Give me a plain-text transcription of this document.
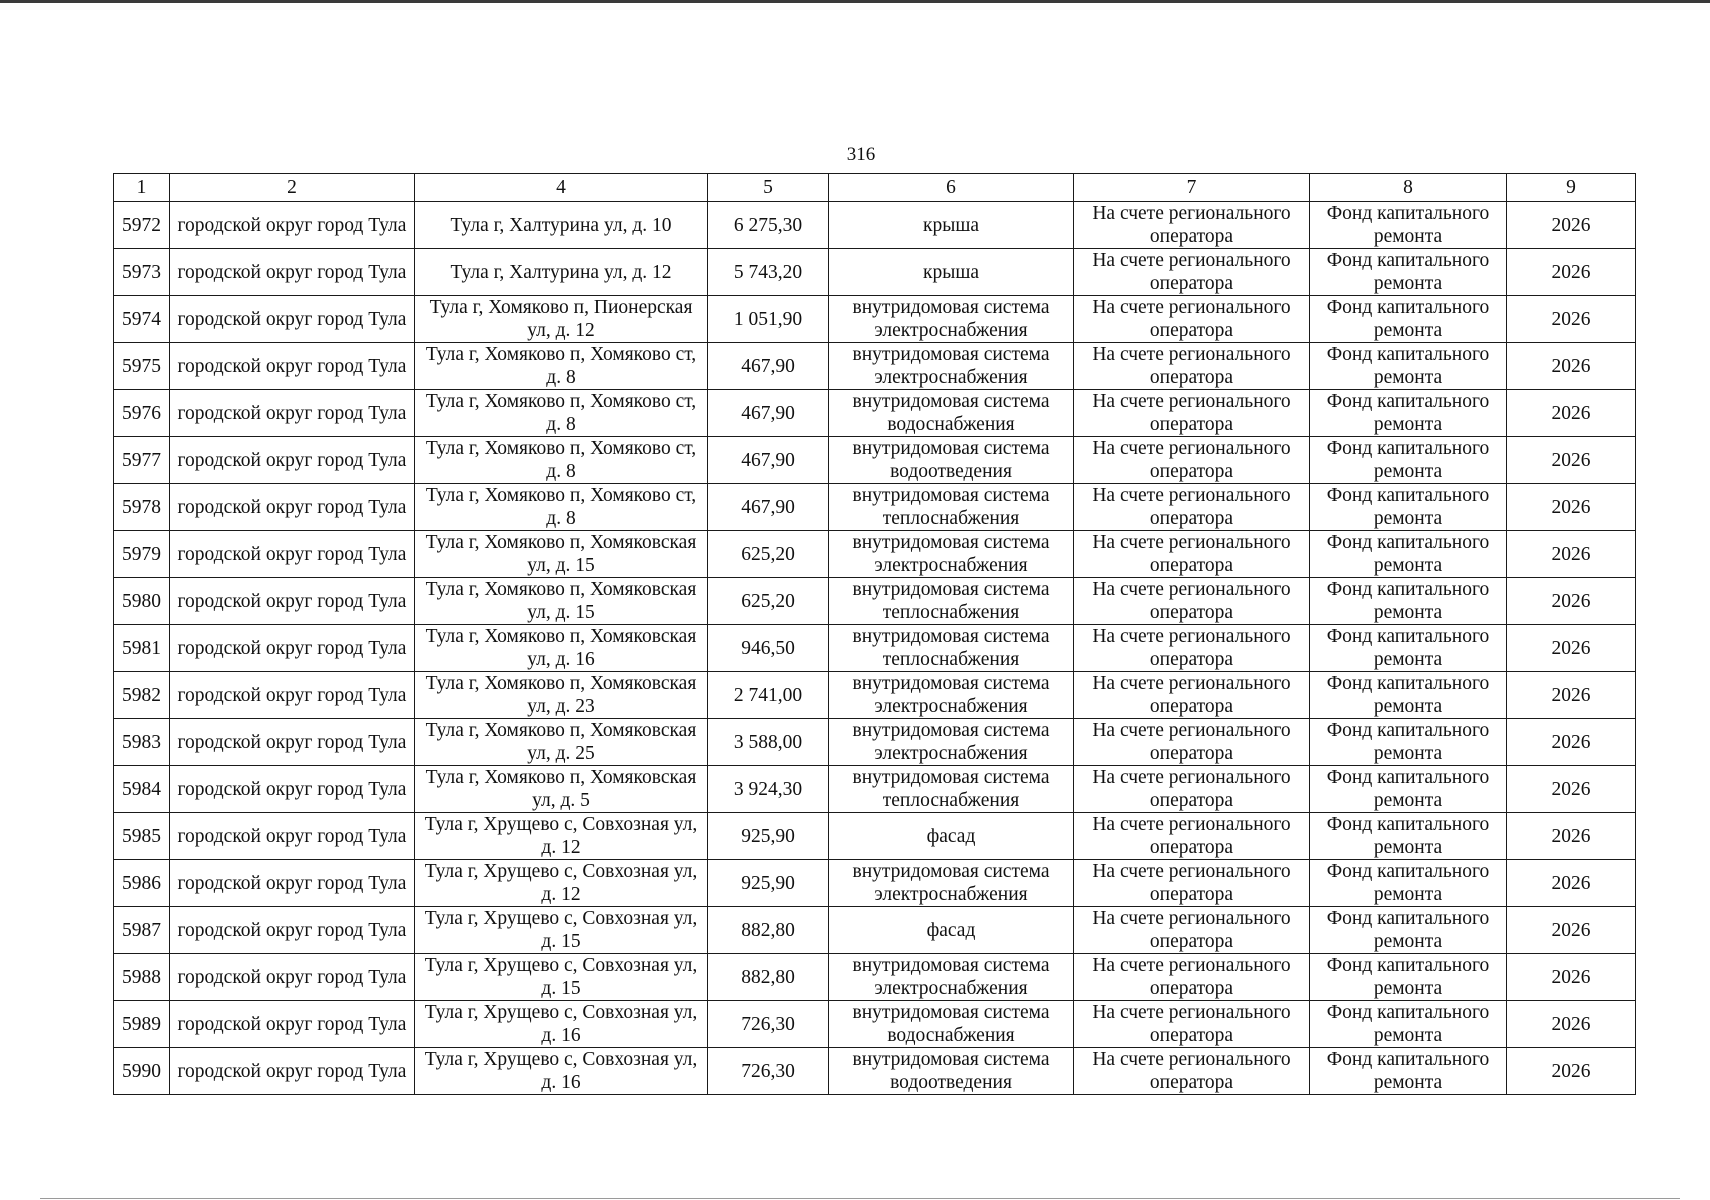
316
1	2	4	5	6	7	8	9
5972	городской округ город Тула	Тула г, Халтурина ул, д. 10	6 275,30	крыша	На счете регионального оператора	Фонд капитального ремонта	2026
5973	городской округ город Тула	Тула г, Халтурина ул, д. 12	5 743,20	крыша	На счете регионального оператора	Фонд капитального ремонта	2026
5974	городской округ город Тула	Тула г, Хомяково п, Пионерская ул, д. 12	1 051,90	внутридомовая система электроснабжения	На счете регионального оператора	Фонд капитального ремонта	2026
5975	городской округ город Тула	Тула г, Хомяково п, Хомяково ст, д. 8	467,90	внутридомовая система электроснабжения	На счете регионального оператора	Фонд капитального ремонта	2026
5976	городской округ город Тула	Тула г, Хомяково п, Хомяково ст, д. 8	467,90	внутридомовая система водоснабжения	На счете регионального оператора	Фонд капитального ремонта	2026
5977	городской округ город Тула	Тула г, Хомяково п, Хомяково ст, д. 8	467,90	внутридомовая система водоотведения	На счете регионального оператора	Фонд капитального ремонта	2026
5978	городской округ город Тула	Тула г, Хомяково п, Хомяково ст, д. 8	467,90	внутридомовая система теплоснабжения	На счете регионального оператора	Фонд капитального ремонта	2026
5979	городской округ город Тула	Тула г, Хомяково п, Хомяковская ул, д. 15	625,20	внутридомовая система электроснабжения	На счете регионального оператора	Фонд капитального ремонта	2026
5980	городской округ город Тула	Тула г, Хомяково п, Хомяковская ул, д. 15	625,20	внутридомовая система теплоснабжения	На счете регионального оператора	Фонд капитального ремонта	2026
5981	городской округ город Тула	Тула г, Хомяково п, Хомяковская ул, д. 16	946,50	внутридомовая система теплоснабжения	На счете регионального оператора	Фонд капитального ремонта	2026
5982	городской округ город Тула	Тула г, Хомяково п, Хомяковская ул, д. 23	2 741,00	внутридомовая система электроснабжения	На счете регионального оператора	Фонд капитального ремонта	2026
5983	городской округ город Тула	Тула г, Хомяково п, Хомяковская ул, д. 25	3 588,00	внутридомовая система электроснабжения	На счете регионального оператора	Фонд капитального ремонта	2026
5984	городской округ город Тула	Тула г, Хомяково п, Хомяковская ул, д. 5	3 924,30	внутридомовая система теплоснабжения	На счете регионального оператора	Фонд капитального ремонта	2026
5985	городской округ город Тула	Тула г, Хрущево с, Совхозная ул, д. 12	925,90	фасад	На счете регионального оператора	Фонд капитального ремонта	2026
5986	городской округ город Тула	Тула г, Хрущево с, Совхозная ул, д. 12	925,90	внутридомовая система электроснабжения	На счете регионального оператора	Фонд капитального ремонта	2026
5987	городской округ город Тула	Тула г, Хрущево с, Совхозная ул, д. 15	882,80	фасад	На счете регионального оператора	Фонд капитального ремонта	2026
5988	городской округ город Тула	Тула г, Хрущево с, Совхозная ул, д. 15	882,80	внутридомовая система электроснабжения	На счете регионального оператора	Фонд капитального ремонта	2026
5989	городской округ город Тула	Тула г, Хрущево с, Совхозная ул, д. 16	726,30	внутридомовая система водоснабжения	На счете регионального оператора	Фонд капитального ремонта	2026
5990	городской округ город Тула	Тула г, Хрущево с, Совхозная ул, д. 16	726,30	внутридомовая система водоотведения	На счете регионального оператора	Фонд капитального ремонта	2026
